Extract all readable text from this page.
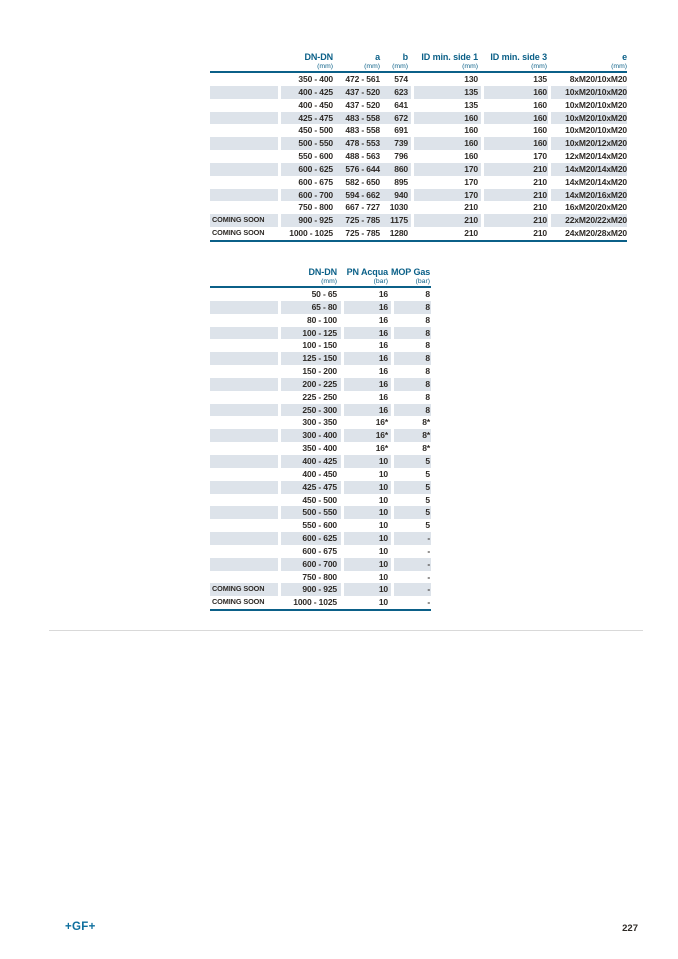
	DN-DN	a	b	ID min. side 1	ID min. side 3	e
	(mm)	(mm)	(mm)	(mm)	(mm)	(mm)
	350 - 400	472 - 561	574	130	135	8xM20/10xM20
	400 - 425	437 - 520	623	135	160	10xM20/10xM20
	400 - 450	437 - 520	641	135	160	10xM20/10xM20
	425 - 475	483 - 558	672	160	160	10xM20/10xM20
	450 - 500	483 - 558	691	160	160	10xM20/10xM20
	500 - 550	478 - 553	739	160	160	10xM20/12xM20
	550 - 600	488 - 563	796	160	170	12xM20/14xM20
	600 - 625	576 - 644	860	170	210	14xM20/14xM20
	600 - 675	582 - 650	895	170	210	14xM20/14xM20
	600 - 700	594 - 662	940	170	210	14xM20/16xM20
	750 - 800	667 - 727	1030	210	210	16xM20/20xM20
COMING SOON	900 - 925	725 - 785	1175	210	210	22xM20/22xM20
COMING SOON	1000 - 1025	725 - 785	1280	210	210	24xM20/28xM20
	DN-DN	PN Acqua	MOP Gas
	(mm)	(bar)	(bar)
	50 - 65	16	8
	65 - 80	16	8
	80 - 100	16	8
	100 - 125	16	8
	100 - 150	16	8
	125 - 150	16	8
	150 - 200	16	8
	200 - 225	16	8
	225 - 250	16	8
	250 - 300	16	8
	300 - 350	16*	8*
	300 - 400	16*	8*
	350 - 400	16*	8*
	400 - 425	10	5
	400 - 450	10	5
	425 - 475	10	5
	450 - 500	10	5
	500 - 550	10	5
	550 - 600	10	5
	600 - 625	10	-
	600 - 675	10	-
	600 - 700	10	-
	750 - 800	10	-
COMING SOON	900 - 925	10	-
COMING SOON	1000 - 1025	10	-
+GF+	227
